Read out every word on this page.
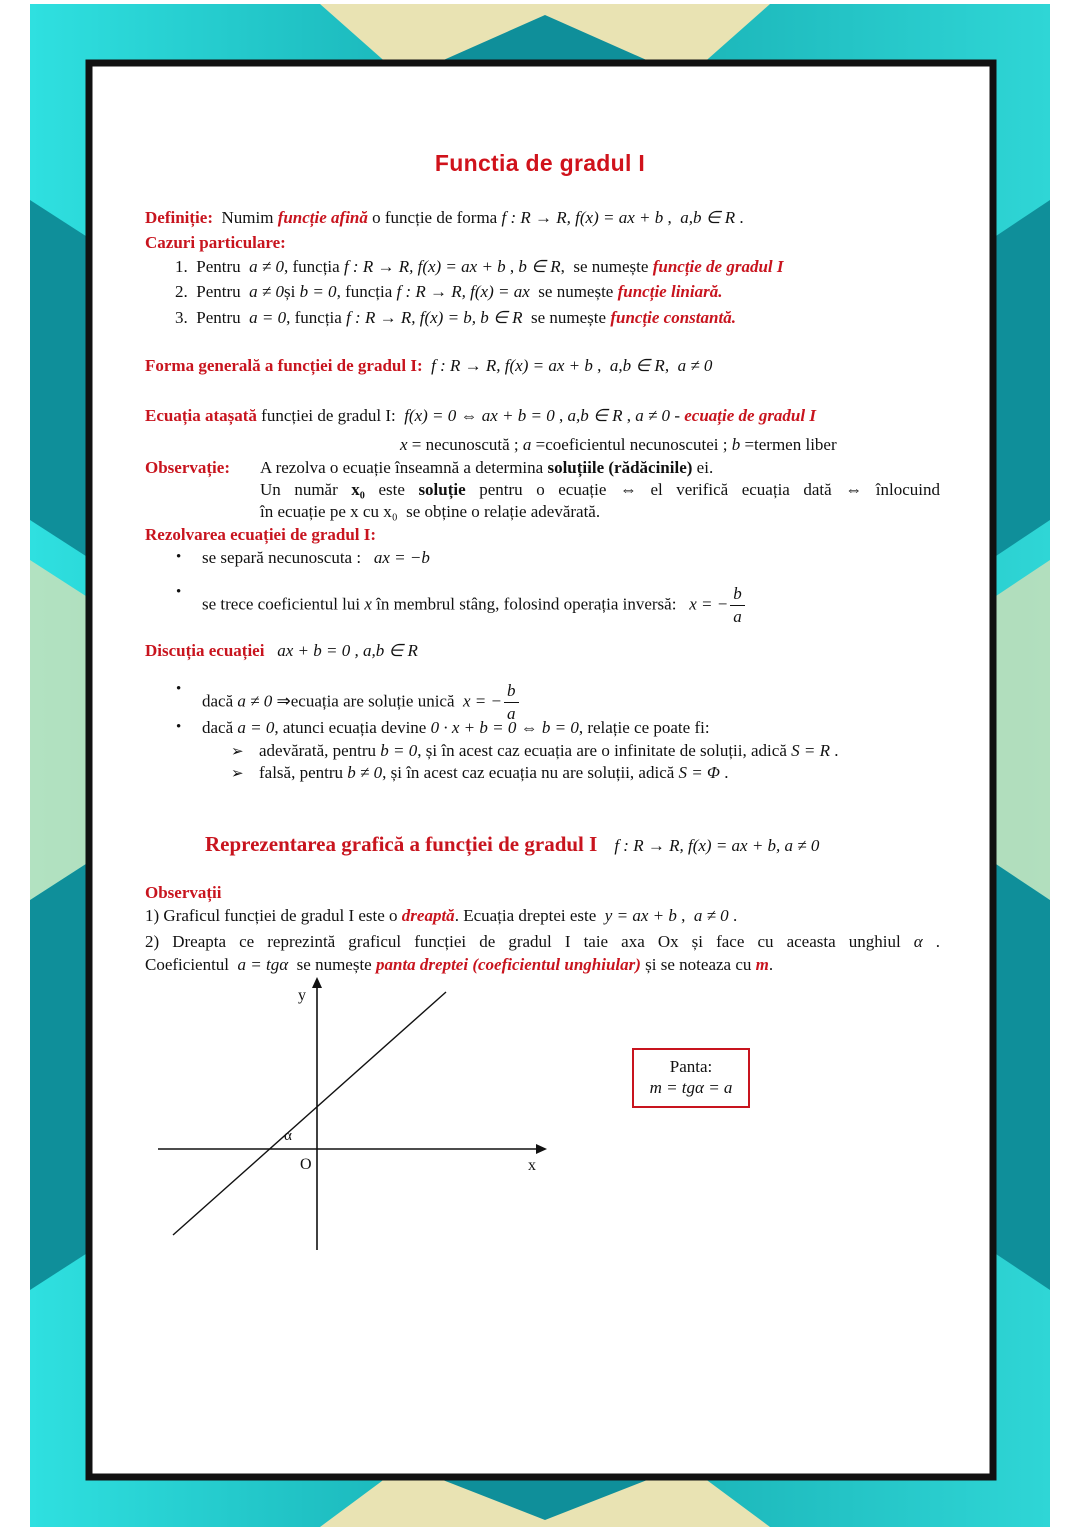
Functia de gradul I
Definiție:  Numim funcție afină o funcție de forma f : R → R, f(x) = ax + b ,  a,b ∈ R .
Cazuri particulare:
1.  Pentru  a ≠ 0, funcția f : R → R, f(x) = ax + b , b ∈ R,  se numește funcție de gradul I
2.  Pentru  a ≠ 0și b = 0, funcția f : R → R, f(x) = ax  se numește funcție liniară.
3.  Pentru  a = 0, funcția f : R → R, f(x) = b, b ∈ R  se numește funcție constantă.
Forma generală a funcției de gradul I: f : R → R, f(x) = ax + b ,  a,b ∈ R,  a ≠ 0
Ecuația atașată funcției de gradul I:  f(x) = 0 ⇔ ax + b = 0 , a,b ∈ R , a ≠ 0 - ecuație de gradul I
x = necunoscută ; a =coeficientul necunoscutei ; b =termen liber
Observație: A rezolva o ecuație înseamnă a determina soluțiile (rădăcinile) ei.
Un număr x₀ este soluție pentru o ecuație ⇔ el verifică ecuația dată ⇔ înlocuind
în ecuație pe x cu x₀  se obține o relație adevărată.
Rezolvarea ecuației de gradul I:
• se separă necunoscuta :   ax = −b
•
se trece coeficientul lui x în membrul stâng, folosind operația inversă:   x = − $\frac{b}{a}$
Discuția ecuației ax + b = 0 , a,b ∈ R
•
dacă a ≠ 0 ⇒ecuația are soluție unică  x = − $\frac{b}{a}$
• dacă a = 0, atunci ecuația devine 0 · x + b = 0 ⇔ b = 0, relație ce poate fi:
➢ adevărată, pentru b = 0, și în acest caz ecuația are o infinitate de soluții, adică S = R .
➢ falsă, pentru b ≠ 0, și în acest caz ecuația nu are soluții, adică S = Φ .
Reprezentarea grafică a funcției de gradul I f : R → R, f(x) = ax + b, a ≠ 0
Observații
1) Graficul funcției de gradul I este o dreaptă. Ecuația dreptei este  y = ax + b ,  a ≠ 0 .
2) Dreapta ce reprezintă graficul funcției de gradul I taie axa Ox și face cu aceasta unghiul α .
Coeficientul  a = tgα  se numește panta dreptei (coeficientul unghiular) și se noteaza cu m.
y
x
O
α
Panta:
m = tgα = a
